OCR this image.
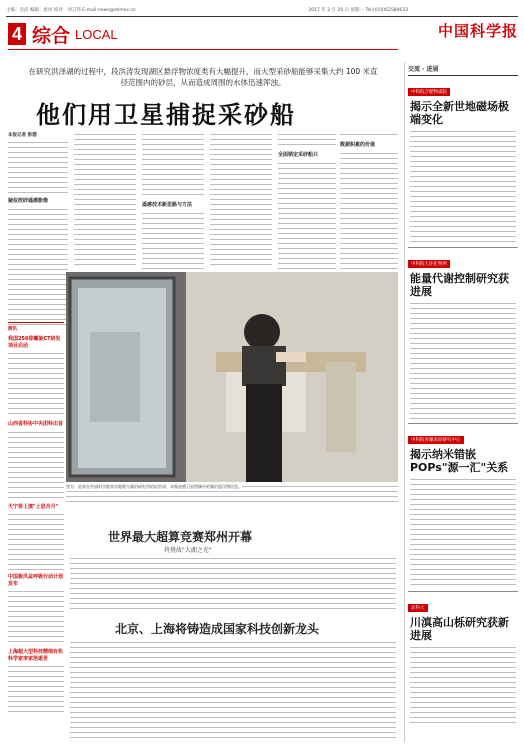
主编：肖洁 编辑：唐凤 校对：何言伟 E-mail:news@stimes.cn	2017 年 2 月 20 日 星期一 Tel:(010)62580633
中国科学报
4 综合 LOCAL
在研究洪泽湖的过程中，段洪涛发现湖区悬浮物浓度类有大幅提升，而大型采砂船能够采集大约 100 米直径范围内的砂层，从而造成周围的水体迅速浑浊。
他们用卫星捕捉采砂船
本报记者 彭德
疑似挖砂遥感影像
遥感技术新思路与方法
全面锁定采砂船只
数据积累的价值
图为：此前在中国科学院南京地理与湖泊研究所的段洪涛，采集遥感卫星图像中的湖泊悬浮物信息。
简讯
我国256排螺旋CT研发项目启动
山西省科协中央团科出首
天宁将上演"上思合月"
中国极风盆呼吸行动计划发布
上海超大型科技精细有机科学家李家浩逝世
世界最大超算竞赛郑州开幕
将挑战"大湖之光"
北京、上海将铸造成国家科技创新龙头
交流 · 进展
中科院合肥物质院
揭示全新世地磁场极端变化
中科院大连化物所
能量代谢控制研究获进展
中科院青藏高原研究中心
揭示纳米错嵌POPs"源一汇"关系
北科大
川滇高山栎研究获新进展
